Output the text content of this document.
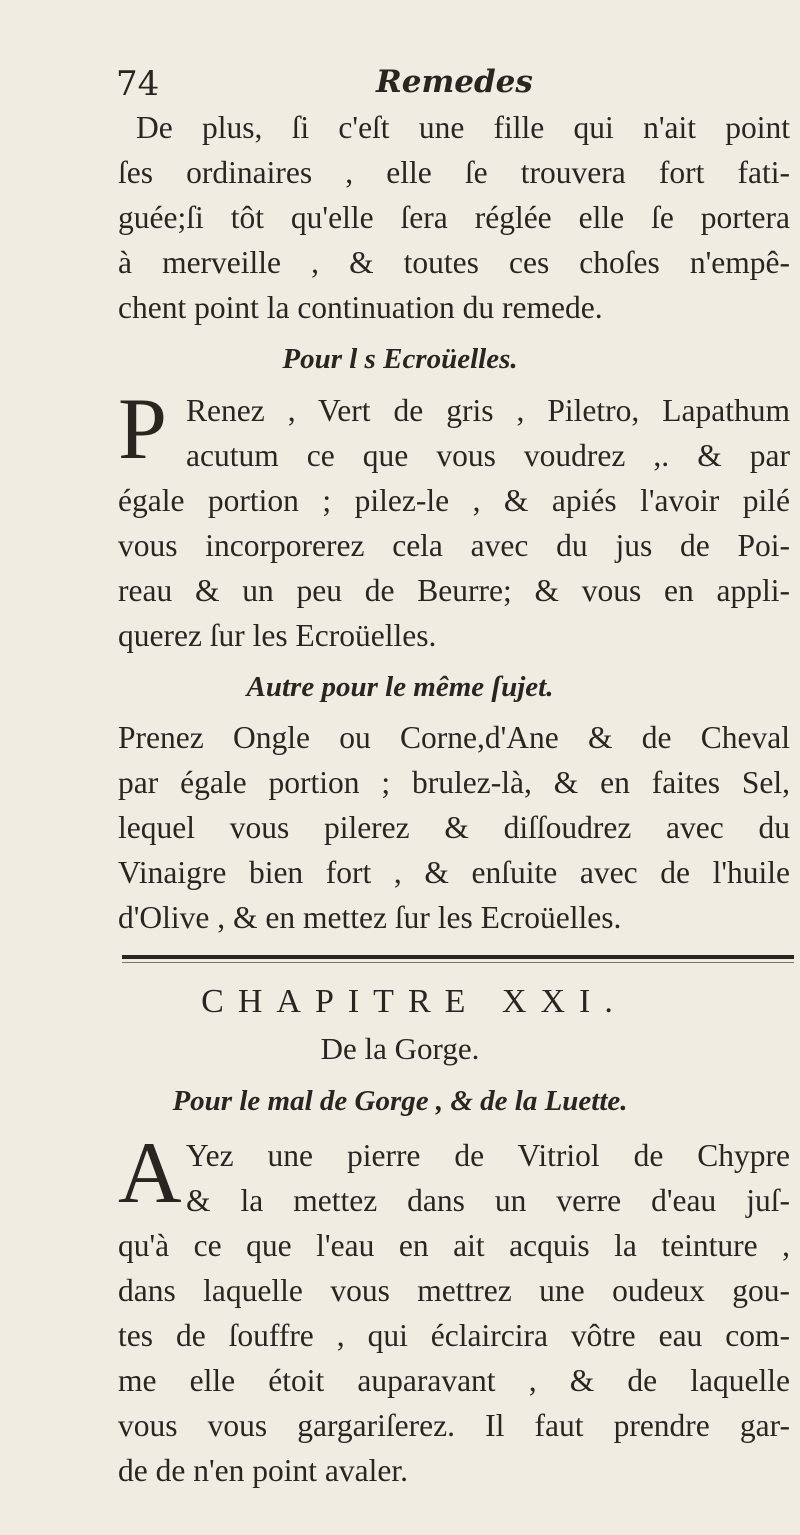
74	Remedes
De plus, ſi c'eſt une fille qui n'ait point
ſes ordinaires , elle ſe trouvera fort fati-
guée;ſi tôt qu'elle ſera réglée elle ſe portera
à merveille , & toutes ces choſes n'empê-
chent point la continuation du remede.
Pour l s Ecroüelles.
P Renez , Vert de gris , Piletro, Lapathum
acutum ce que vous voudrez ,. & par
égale portion ; pilez-le , & apiés l'avoir pilé
vous incorporerez cela avec du jus de Poi-
reau & un peu de Beurre; & vous en appli-
querez ſur les Ecroüelles.
Autre pour le même ſujet.
Prenez Ongle ou Corne,d'Ane & de Cheval
par égale portion ; brulez-là, & en faites Sel,
lequel vous pilerez & diſſoudrez avec du
Vinaigre bien fort , & enſuite avec de l'huile
d'Olive , & en mettez ſur les Ecroüelles.
CHAPITRE XXI.
De la Gorge.
Pour le mal de Gorge , & de la Luette.
A Yez une pierre de Vitriol de Chypre
& la mettez dans un verre d'eau juſ-
qu'à ce que l'eau en ait acquis la teinture ,
dans laquelle vous mettrez une oudeux gou-
tes de ſouffre , qui éclaircira vôtre eau com-
me elle étoit auparavant , & de laquelle
vous vous gargariſerez. Il faut prendre gar-
de de n'en point avaler.
